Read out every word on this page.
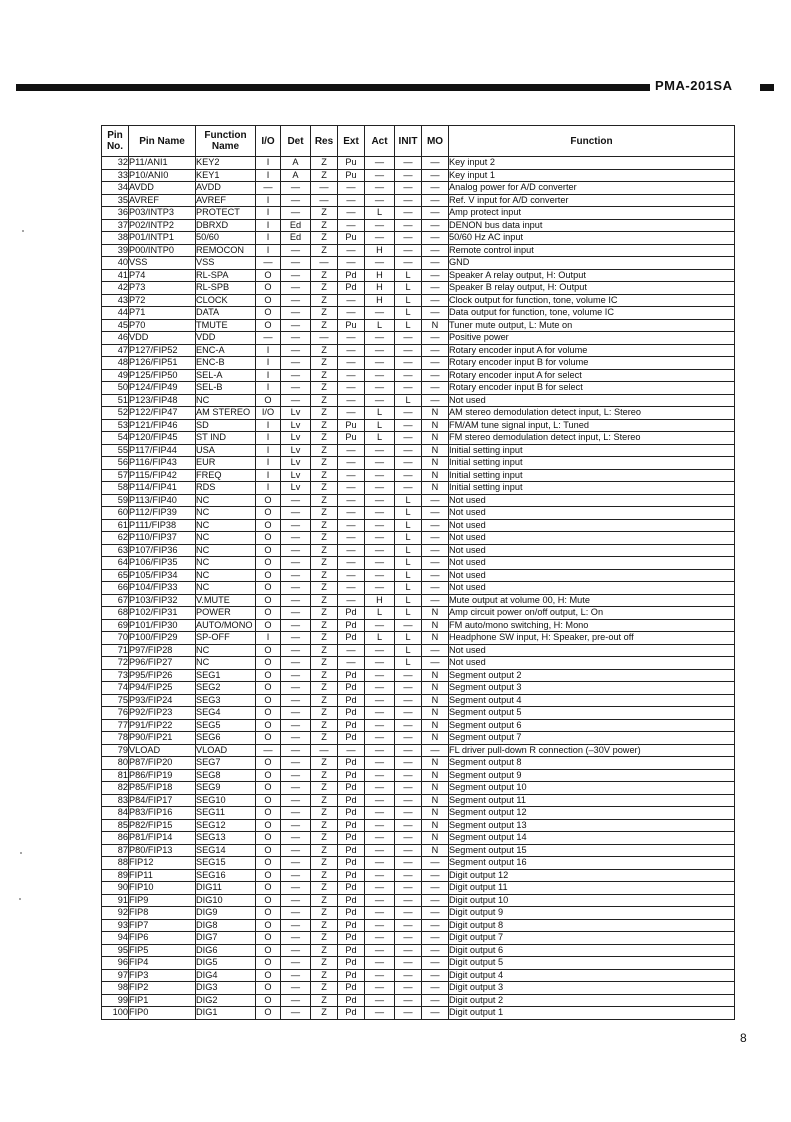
PMA-201SA
Pin
No.	Pin Name	Function
Name	I/O	Det	Res	Ext	Act	INIT	MO	Function
32	P11/ANI1	KEY2	I	A	Z	Pu	—	—	—	Key input 2
33	P10/ANI0	KEY1	I	A	Z	Pu	—	—	—	Key input 1
34	AVDD	AVDD	—	—	—	—	—	—	—	Analog power for A/D converter
35	AVREF	AVREF	I	—	—	—	—	—	—	Ref. V input for A/D converter
36	P03/INTP3	PROTECT	I	—	Z	—	L	—	—	Amp protect input
37	P02/INTP2	DBRXD	I	Ed	Z	—	—	—	—	DENON bus data input
38	P01/INTP1	50/60	I	Ed	Z	Pu	—	—	—	50/60 Hz AC input
39	P00/INTP0	REMOCON	I	—	Z	—	H	—	—	Remote control input
40	VSS	VSS	—	—	—	—	—	—	—	GND
41	P74	RL-SPA	O	—	Z	Pd	H	L	—	Speaker A relay output, H: Output
42	P73	RL-SPB	O	—	Z	Pd	H	L	—	Speaker B relay output, H: Output
43	P72	CLOCK	O	—	Z	—	H	L	—	Clock output for function, tone, volume IC
44	P71	DATA	O	—	Z	—	—	L	—	Data output for function, tone, volume IC
45	P70	TMUTE	O	—	Z	Pu	L	L	N	Tuner mute output, L: Mute on
46	VDD	VDD	—	—	—	—	—	—	—	Positive power
47	P127/FIP52	ENC-A	I	—	Z	—	—	—	—	Rotary encoder input A for volume
48	P126/FIP51	ENC-B	I	—	Z	—	—	—	—	Rotary encoder input B for volume
49	P125/FIP50	SEL-A	I	—	Z	—	—	—	—	Rotary encoder input A for select
50	P124/FIP49	SEL-B	I	—	Z	—	—	—	—	Rotary encoder input B for select
51	P123/FIP48	NC	O	—	Z	—	—	L	—	Not used
52	P122/FIP47	AM STEREO	I/O	Lv	Z	—	L	—	N	AM stereo demodulation detect input, L: Stereo
53	P121/FIP46	SD	I	Lv	Z	Pu	L	—	N	FM/AM tune signal input, L: Tuned
54	P120/FIP45	ST IND	I	Lv	Z	Pu	L	—	N	FM stereo demodulation detect input, L: Stereo
55	P117/FIP44	USA	I	Lv	Z	—	—	—	N	Initial setting input
56	P116/FIP43	EUR	I	Lv	Z	—	—	—	N	Initial setting input
57	P115/FIP42	FREQ	I	Lv	Z	—	—	—	N	Initial setting input
58	P114/FIP41	RDS	I	Lv	Z	—	—	—	N	Initial setting input
59	P113/FIP40	NC	O	—	Z	—	—	L	—	Not used
60	P112/FIP39	NC	O	—	Z	—	—	L	—	Not used
61	P111/FIP38	NC	O	—	Z	—	—	L	—	Not used
62	P110/FIP37	NC	O	—	Z	—	—	L	—	Not used
63	P107/FIP36	NC	O	—	Z	—	—	L	—	Not used
64	P106/FIP35	NC	O	—	Z	—	—	L	—	Not used
65	P105/FIP34	NC	O	—	Z	—	—	L	—	Not used
66	P104/FIP33	NC	O	—	Z	—	—	L	—	Not used
67	P103/FIP32	V.MUTE	O	—	Z	—	H	L	—	Mute output at volume 00, H: Mute
68	P102/FIP31	POWER	O	—	Z	Pd	L	L	N	Amp circuit power on/off output, L: On
69	P101/FIP30	AUTO/MONO	O	—	Z	Pd	—	—	N	FM auto/mono switching, H: Mono
70	P100/FIP29	SP-OFF	I	—	Z	Pd	L	L	N	Headphone SW input, H: Speaker, pre-out off
71	P97/FIP28	NC	O	—	Z	—	—	L	—	Not used
72	P96/FIP27	NC	O	—	Z	—	—	L	—	Not used
73	P95/FIP26	SEG1	O	—	Z	Pd	—	—	N	Segment output 2
74	P94/FIP25	SEG2	O	—	Z	Pd	—	—	N	Segment output 3
75	P93/FIP24	SEG3	O	—	Z	Pd	—	—	N	Segment output 4
76	P92/FIP23	SEG4	O	—	Z	Pd	—	—	N	Segment output 5
77	P91/FIP22	SEG5	O	—	Z	Pd	—	—	N	Segment output 6
78	P90/FIP21	SEG6	O	—	Z	Pd	—	—	N	Segment output 7
79	VLOAD	VLOAD	—	—	—	—	—	—	—	FL driver pull-down R connection (–30V power)
80	P87/FIP20	SEG7	O	—	Z	Pd	—	—	N	Segment output 8
81	P86/FIP19	SEG8	O	—	Z	Pd	—	—	N	Segment output 9
82	P85/FIP18	SEG9	O	—	Z	Pd	—	—	N	Segment output 10
83	P84/FIP17	SEG10	O	—	Z	Pd	—	—	N	Segment output 11
84	P83/FIP16	SEG11	O	—	Z	Pd	—	—	N	Segment output 12
85	P82/FIP15	SEG12	O	—	Z	Pd	—	—	N	Segment output 13
86	P81/FIP14	SEG13	O	—	Z	Pd	—	—	N	Segment output 14
87	P80/FIP13	SEG14	O	—	Z	Pd	—	—	N	Segment output 15
88	FIP12	SEG15	O	—	Z	Pd	—	—	—	Segment output 16
89	FIP11	SEG16	O	—	Z	Pd	—	—	—	Digit output 12
90	FIP10	DIG11	O	—	Z	Pd	—	—	—	Digit output 11
91	FIP9	DIG10	O	—	Z	Pd	—	—	—	Digit output 10
92	FIP8	DIG9	O	—	Z	Pd	—	—	—	Digit output 9
93	FIP7	DIG8	O	—	Z	Pd	—	—	—	Digit output 8
94	FIP6	DIG7	O	—	Z	Pd	—	—	—	Digit output 7
95	FIP5	DIG6	O	—	Z	Pd	—	—	—	Digit output 6
96	FIP4	DIG5	O	—	Z	Pd	—	—	—	Digit output 5
97	FIP3	DIG4	O	—	Z	Pd	—	—	—	Digit output 4
98	FIP2	DIG3	O	—	Z	Pd	—	—	—	Digit output 3
99	FIP1	DIG2	O	—	Z	Pd	—	—	—	Digit output 2
100	FIP0	DIG1	O	—	Z	Pd	—	—	—	Digit output 1
8
